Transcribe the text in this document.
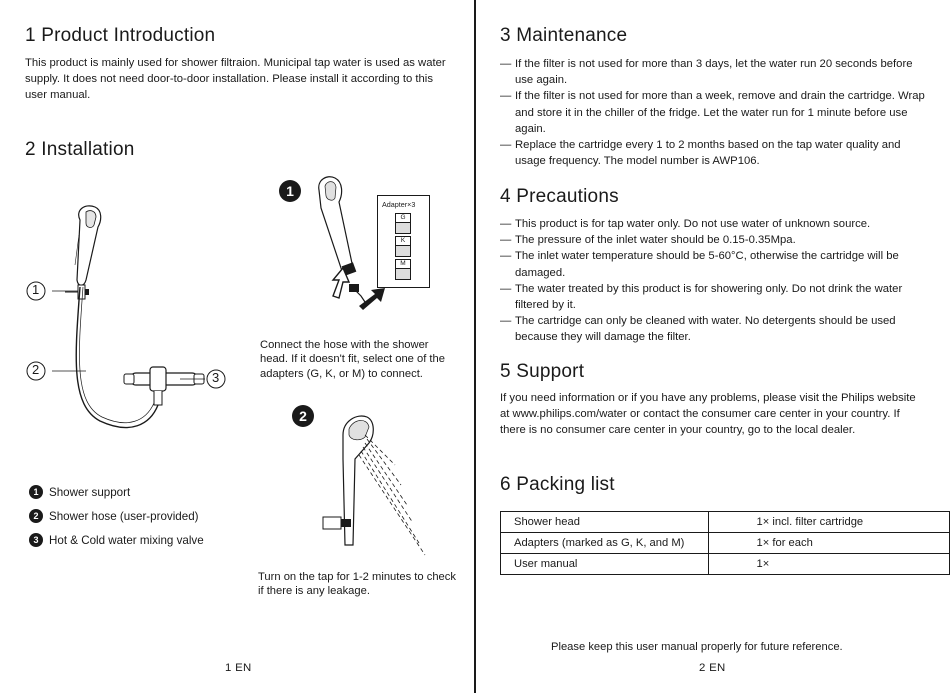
1 Product Introduction

This product is mainly used for shower filtraion. Municipal tap water is used as water supply. It does not need door-to-door installation. Please install it according to this user manual.

2 Installation
1
2
3
1 Shower support
2 Shower hose (user-provided)
3 Hot & Cold water mixing valve
1
Adapter×3
G
K
M
Connect the hose with the shower head. If it doesn't fit, select one of the adapters (G, K, or M) to connect.
2
Turn on the tap for 1-2 minutes to check if there is any leakage.
1 EN
3 Maintenance
— If the filter is not used for more than 3 days, let the water run 20 seconds before use again.
— If the filter is not used for more than a week, remove and drain the cartridge. Wrap and store it in the chiller of the fridge. Let the water run for 1 minute before use again.
— Replace the cartridge every 1 to 2 months based on the tap water quality and usage frequency. The model number is AWP106.
4 Precautions
— This product is for tap water only. Do not use water of unknown source.
— The pressure of the inlet water should be 0.15-0.35Mpa.
— The inlet water temperature should be 5-60°C, otherwise the cartridge will be damaged.
— The water treated by this product is for showering only. Do not drink the water filtered by it.
— The cartridge can only be cleaned with water. No detergents should be used because they will damage the filter.
5 Support

If you need information or if you have any problems, please visit the Philips website at www.philips.com/water or contact the consumer care center in your country. If there is no consumer care center in your country, go to the local dealer.

6 Packing list
Shower head	1× incl. filter cartridge
Adapters (marked as G, K, and M)	1× for each
User manual	1×
Please keep this user manual properly for future reference.
2 EN
